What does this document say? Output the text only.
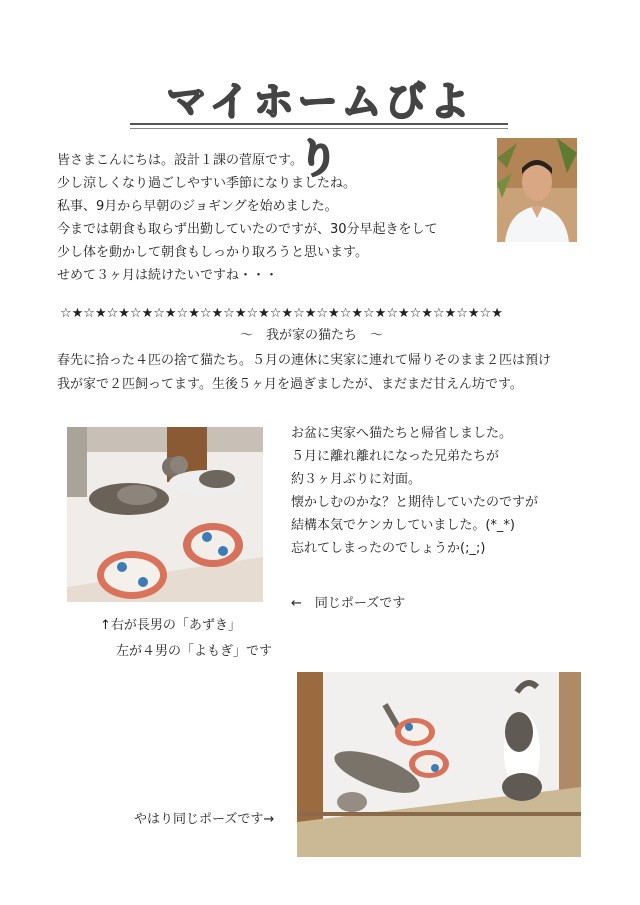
マイホームびより
皆さまこんにちは。設計１課の菅原です。
少し涼しくなり過ごしやすい季節になりましたね。
私事、9月から早朝のジョギングを始めました。
今までは朝食も取らず出勤していたのですが、30分早起きをして
少し体を動かして朝食もしっかり取ろうと思います。
せめて３ヶ月は続けたいですね・・・
☆★☆★☆★☆★☆★☆★☆★☆★☆★☆★☆★☆★☆★☆★☆★☆★☆★☆★☆★
～　我が家の猫たち　～
春先に拾った４匹の捨て猫たち。５月の連休に実家に連れて帰りそのまま２匹は預け
我が家で２匹飼ってます。生後５ヶ月を過ぎましたが、まだまだ甘えん坊です。
お盆に実家へ猫たちと帰省しました。
５月に離れ離れになった兄弟たちが
約３ヶ月ぶりに対面。
懐かしむのかな？と期待していたのですが
結構本気でケンカしていました。(*_*)
忘れてしまったのでしょうか(;_;)
←　同じポーズです
↑右が長男の「あずき」
左が４男の「よもぎ」です
やはり同じポーズです→
